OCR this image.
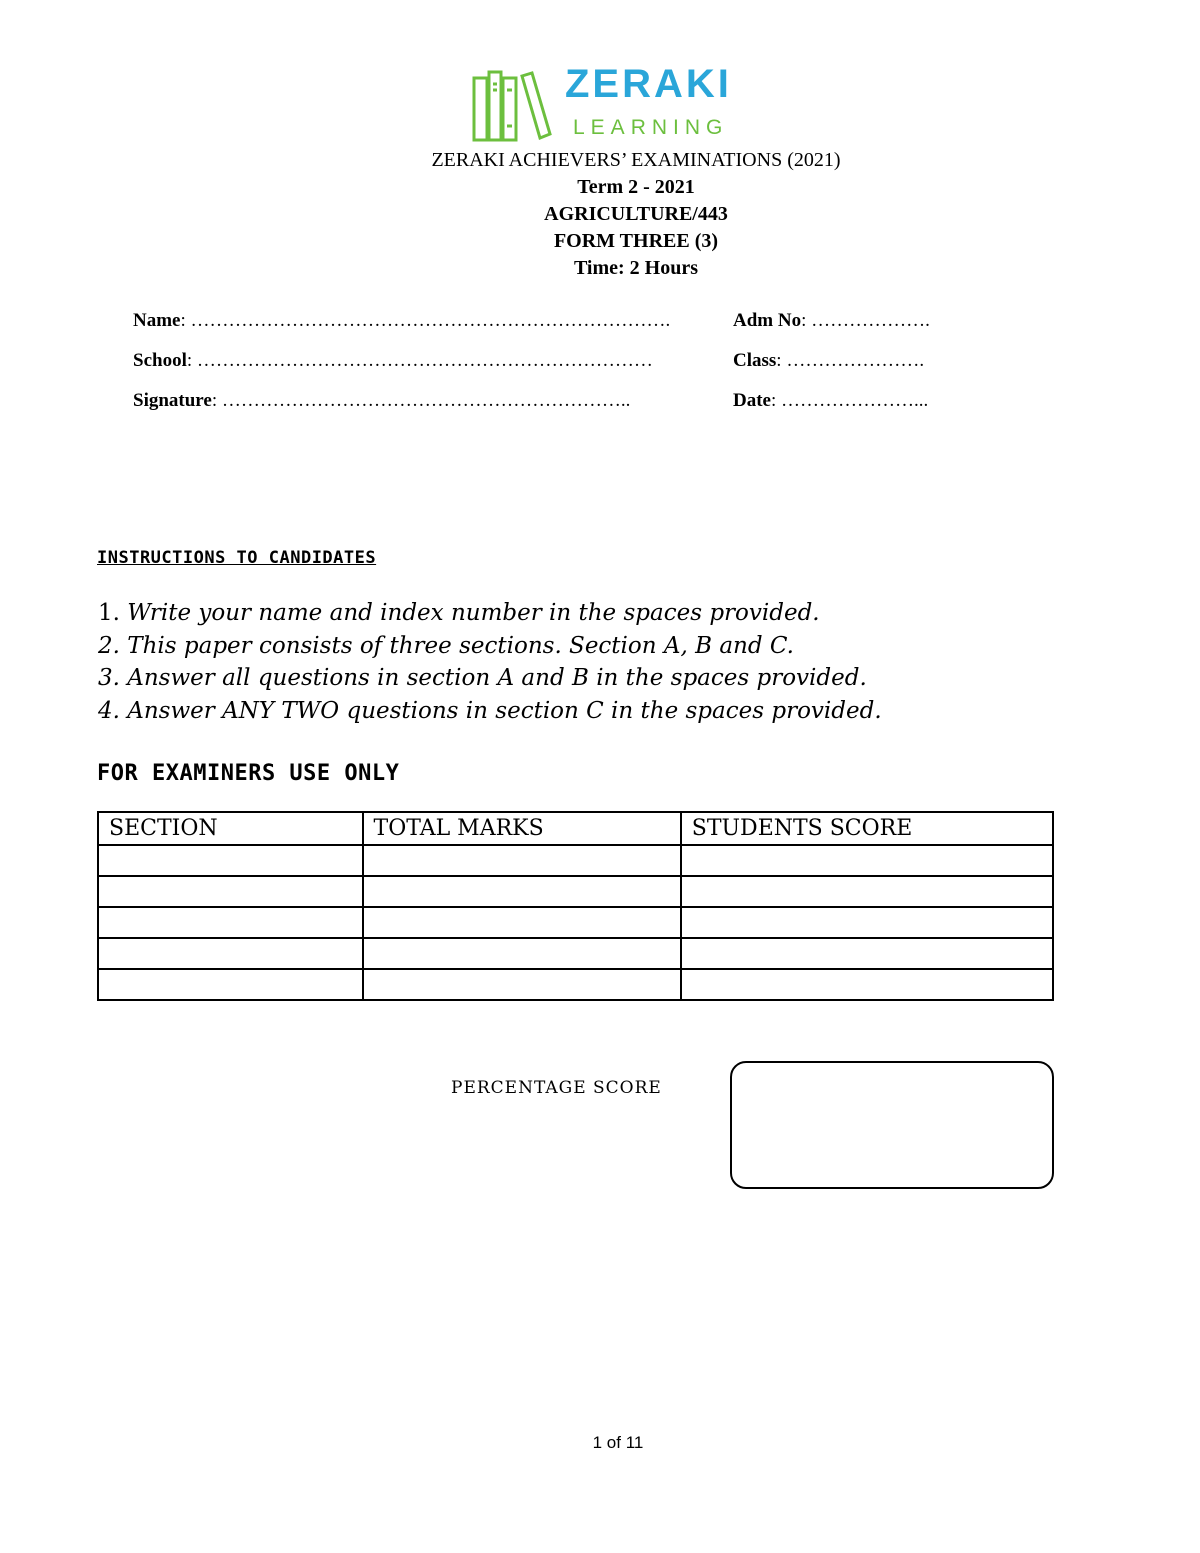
ZERAKI
LEARNING
ZERAKI ACHIEVERS’ EXAMINATIONS (2021)
Term 2 - 2021
AGRICULTURE/443
FORM THREE (3)
Time: 2 Hours
Name: ………………………………………………………………….	Adm No: ……………….
School: ………………………………………………………………	Class: ………………….
Signature: ………………………………………………………..	Date: …………………...
INSTRUCTIONS TO CANDIDATES
1. Write your name and index number in the spaces provided.
2. This paper consists of three sections. Section A, B and C.
3. Answer all questions in section A and B in the spaces provided.
4. Answer ANY TWO questions in section C in the spaces provided.
FOR EXAMINERS USE ONLY
SECTION	TOTAL MARKS	STUDENTS SCORE

PERCENTAGE SCORE
1 of 11
